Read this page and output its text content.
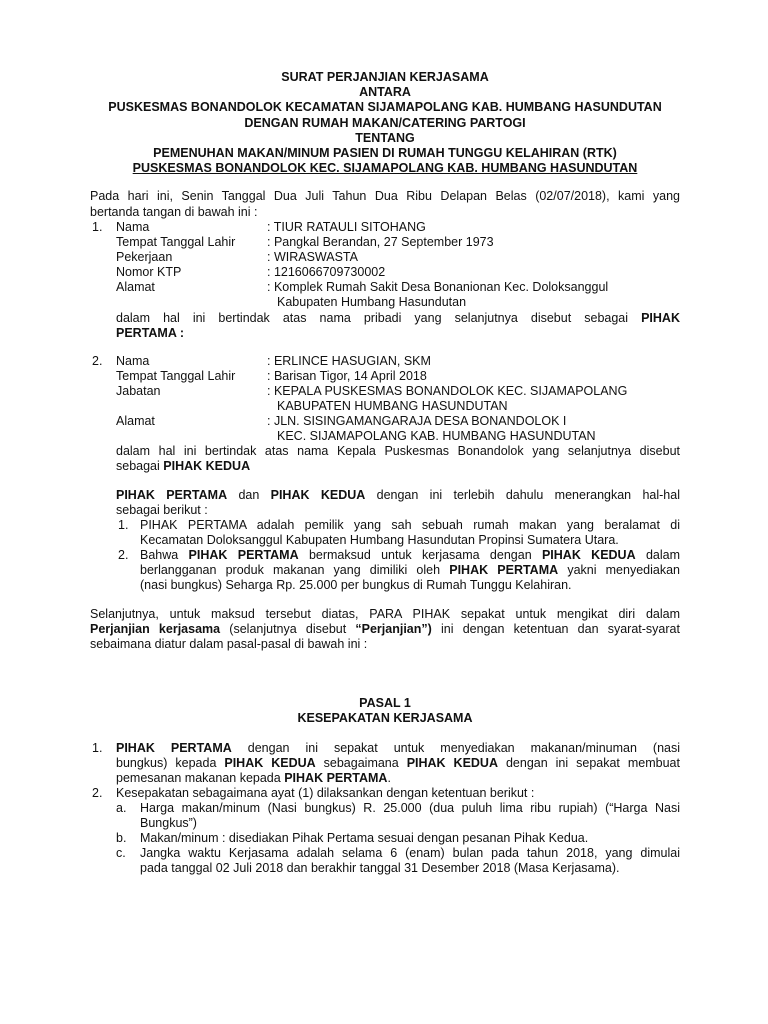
SURAT PERJANJIAN KERJASAMA
ANTARA
PUSKESMAS BONANDOLOK KECAMATAN SIJAMAPOLANG KAB. HUMBANG HASUNDUTAN
DENGAN RUMAH MAKAN/CATERING PARTOGI
TENTANG
PEMENUHAN MAKAN/MINUM PASIEN DI RUMAH TUNGGU KELAHIRAN (RTK)
PUSKESMAS BONANDOLOK KEC. SIJAMAPOLANG KAB. HUMBANG HASUNDUTAN
Pada hari ini, Senin Tanggal Dua Juli Tahun Dua Ribu Delapan Belas (02/07/2018), kami yang
bertanda tangan di bawah ini :
1. Nama	: TIUR RATAULI SITOHANG
Tempat Tanggal Lahir	: Pangkal Berandan, 27 September 1973
Pekerjaan	: WIRASWASTA
Nomor KTP	: 1216066709730002
Alamat	: Komplek Rumah Sakit Desa Bonanionan Kec. Doloksanggul
Kabupaten Humbang Hasundutan
dalam hal ini bertindak atas nama pribadi yang selanjutnya disebut sebagai PIHAK
PERTAMA :
2. Nama	: ERLINCE HASUGIAN, SKM
Tempat Tanggal Lahir	: Barisan Tigor, 14 April 2018
Jabatan	: KEPALA PUSKESMAS BONANDOLOK KEC. SIJAMAPOLANG
KABUPATEN HUMBANG HASUNDUTAN
Alamat	: JLN. SISINGAMANGARAJA DESA BONANDOLOK I
KEC. SIJAMAPOLANG KAB. HUMBANG HASUNDUTAN
dalam hal ini bertindak atas nama Kepala Puskesmas Bonandolok yang selanjutnya disebut
sebagai PIHAK KEDUA
PIHAK PERTAMA dan PIHAK KEDUA dengan ini terlebih dahulu menerangkan hal-hal
sebagai berikut :
1. PIHAK PERTAMA adalah pemilik yang sah sebuah rumah makan yang beralamat di
Kecamatan Doloksanggul Kabupaten Humbang Hasundutan Propinsi Sumatera Utara.
2. Bahwa PIHAK PERTAMA bermaksud untuk kerjasama dengan PIHAK KEDUA dalam
berlangganan produk makanan yang dimiliki oleh PIHAK PERTAMA yakni menyediakan
(nasi bungkus) Seharga Rp. 25.000 per bungkus di Rumah Tunggu Kelahiran.
Selanjutnya, untuk maksud tersebut diatas, PARA PIHAK sepakat untuk mengikat diri dalam
Perjanjian kerjasama (selanjutnya disebut “Perjanjian”) ini dengan ketentuan dan syarat-syarat
sebaimana diatur dalam pasal-pasal di bawah ini :
PASAL 1
KESEPAKATAN KERJASAMA
1. PIHAK PERTAMA dengan ini sepakat untuk menyediakan makanan/minuman (nasi
bungkus) kepada PIHAK KEDUA sebagaimana PIHAK KEDUA dengan ini sepakat membuat
pemesanan makanan kepada PIHAK PERTAMA.
2. Kesepakatan sebagaimana ayat (1) dilaksankan dengan ketentuan berikut :
a. Harga makan/minum (Nasi bungkus) R. 25.000 (dua puluh lima ribu rupiah) (“Harga Nasi
Bungkus”)
b. Makan/minum : disediakan Pihak Pertama sesuai dengan pesanan Pihak Kedua.
c. Jangka waktu Kerjasama adalah selama 6 (enam) bulan pada tahun 2018, yang dimulai
pada tanggal 02 Juli 2018 dan berakhir tanggal 31 Desember 2018 (Masa Kerjasama).
